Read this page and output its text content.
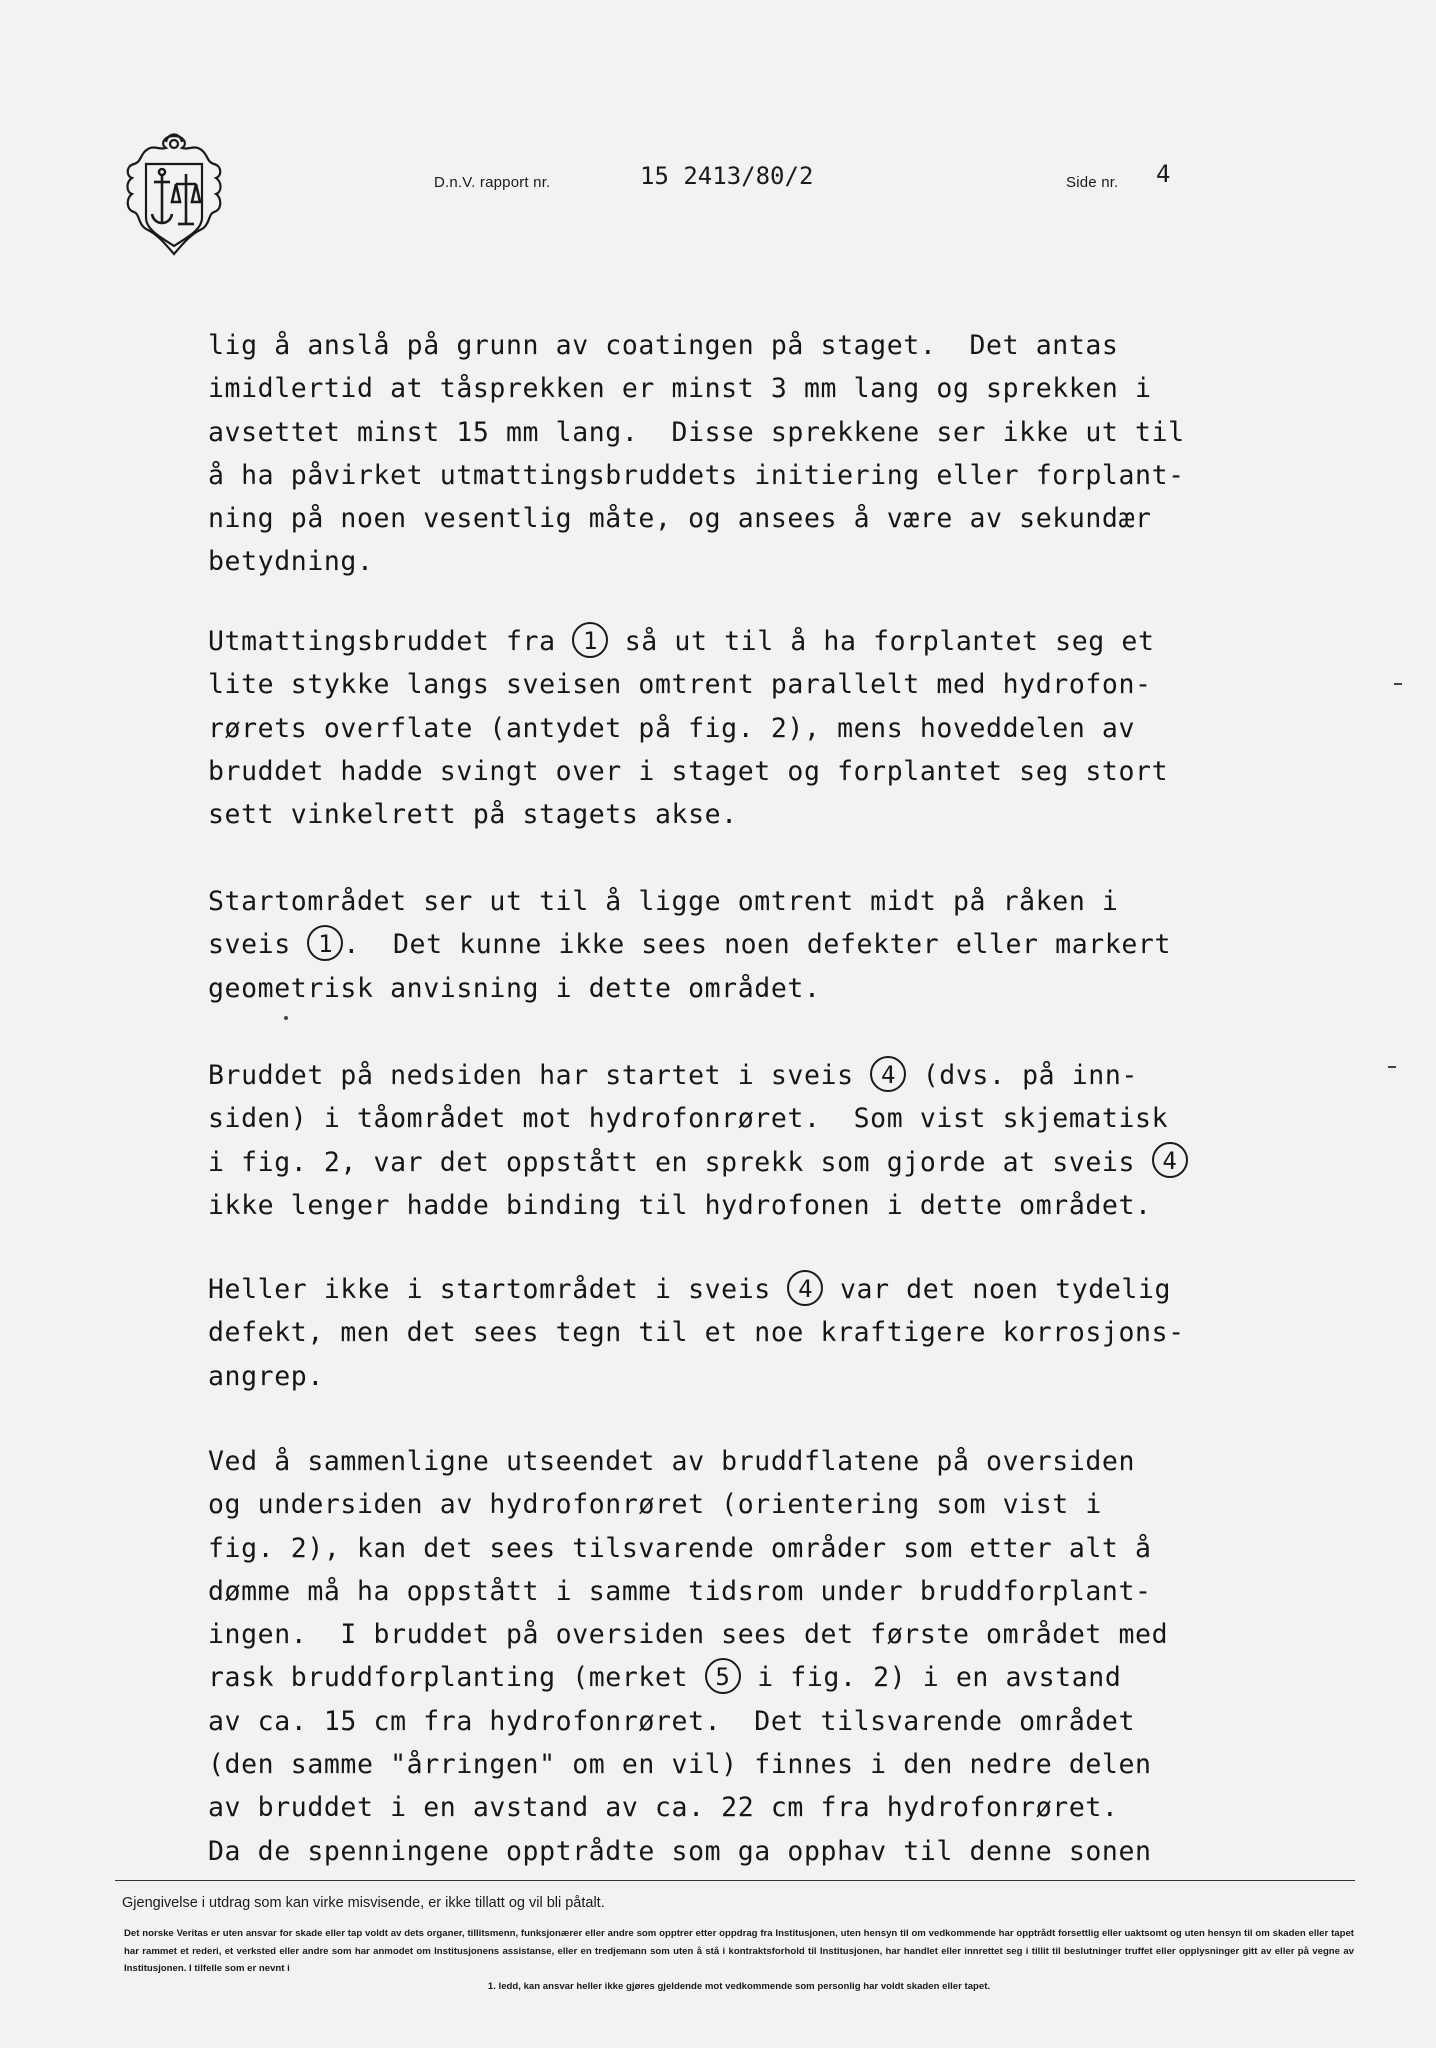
D.n.V. rapport nr.	15 2413/80/2	Side nr. 4
lig å anslå på grunn av coatingen på staget.  Det antas
imidlertid at tåsprekken er minst 3 mm lang og sprekken i
avsettet minst 15 mm lang.  Disse sprekkene ser ikke ut til
å ha påvirket utmattingsbruddets initiering eller forplant-
ning på noen vesentlig måte, og ansees å være av sekundær
betydning.
Utmattingsbruddet fra 1 så ut til å ha forplantet seg et
lite stykke langs sveisen omtrent parallelt med hydrofon-
rørets overflate (antydet på fig. 2), mens hoveddelen av
bruddet hadde svingt over i staget og forplantet seg stort
sett vinkelrett på stagets akse.
Startområdet ser ut til å ligge omtrent midt på råken i
sveis 1 .  Det kunne ikke sees noen defekter eller markert
geometrisk anvisning i dette området.
Bruddet på nedsiden har startet i sveis 4 (dvs. på inn-
siden) i tåområdet mot hydrofonrøret.  Som vist skjematisk
i fig. 2, var det oppstått en sprekk som gjorde at sveis 4
ikke lenger hadde binding til hydrofonen i dette området.
Heller ikke i startområdet i sveis 4 var det noen tydelig
defekt, men det sees tegn til et noe kraftigere korrosjons-
angrep.
Ved å sammenligne utseendet av bruddflatene på oversiden
og undersiden av hydrofonrøret (orientering som vist i
fig. 2), kan det sees tilsvarende områder som etter alt å
dømme må ha oppstått i samme tidsrom under bruddforplant-
ingen.  I bruddet på oversiden sees det første området med
rask bruddforplanting (merket 5 i fig. 2) i en avstand
av ca. 15 cm fra hydrofonrøret.  Det tilsvarende området
(den samme "årringen" om en vil) finnes i den nedre delen
av bruddet i en avstand av ca. 22 cm fra hydrofonrøret.
Da de spenningene opptrådte som ga opphav til denne sonen
Gjengivelse i utdrag som kan virke misvisende, er ikke tillatt og vil bli påtalt.
Det norske Veritas er uten ansvar for skade eller tap voldt av dets organer, tillitsmenn, funksjonærer eller andre som opptrer etter oppdrag fra Institusjonen, uten hensyn til om vedkommende har opptrådt forsettlig eller uaktsomt og uten hensyn til om skaden eller tapet har rammet et rederi, et verksted eller andre som har anmodet om Institusjonens assistanse, eller en tredjemann som uten å stå i kontraktsforhold til Institusjonen, har handlet eller innrettet seg i tillit til beslutninger truffet eller opplysninger gitt av eller på vegne av Institusjonen. I tilfelle som er nevnt i
1. ledd, kan ansvar heller ikke gjøres gjeldende mot vedkommende som personlig har voldt skaden eller tapet.
